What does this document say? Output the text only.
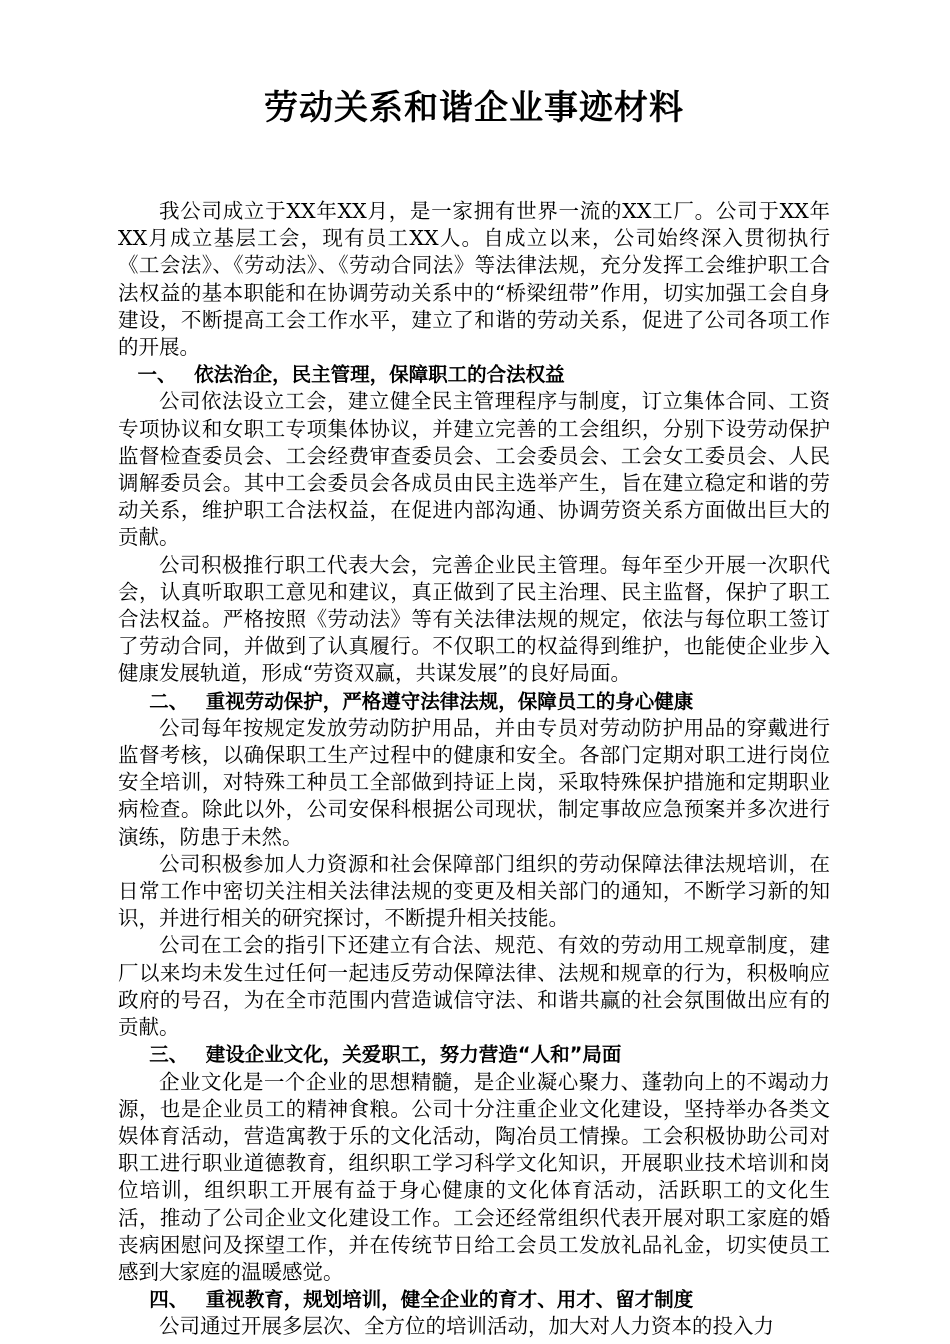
劳动关系和谐企业事迹材料

我公司成立于XX年XX月，是一家拥有世界一流的XX工厂。公司于XX年XX月成立基层工会，现有员工XX人。自成立以来，公司始终深入贯彻执行《工会法》、《劳动法》、《劳动合同法》等法律法规，充分发挥工会维护职工合法权益的基本职能和在协调劳动关系中的“桥梁纽带”作用，切实加强工会自身建设，不断提高工会工作水平，建立了和谐的劳动关系，促进了公司各项工作的开展。

一、 依法治企，民主管理，保障职工的合法权益

公司依法设立工会，建立健全民主管理程序与制度，订立集体合同、工资专项协议和女职工专项集体协议，并建立完善的工会组织，分别下设劳动保护监督检查委员会、工会经费审查委员会、工会委员会、工会女工委员会、人民调解委员会。其中工会委员会各成员由民主选举产生，旨在建立稳定和谐的劳动关系，维护职工合法权益，在促进内部沟通、协调劳资关系方面做出巨大的贡献。

公司积极推行职工代表大会，完善企业民主管理。每年至少开展一次职代会，认真听取职工意见和建议，真正做到了民主治理、民主监督，保护了职工合法权益。严格按照《劳动法》等有关法律法规的规定，依法与每位职工签订了劳动合同，并做到了认真履行。不仅职工的权益得到维护，也能使企业步入健康发展轨道，形成“劳资双赢，共谋发展”的良好局面。

二、 重视劳动保护，严格遵守法律法规，保障员工的身心健康

公司每年按规定发放劳动防护用品，并由专员对劳动防护用品的穿戴进行监督考核，以确保职工生产过程中的健康和安全。各部门定期对职工进行岗位安全培训，对特殊工种员工全部做到持证上岗，采取特殊保护措施和定期职业病检查。除此以外，公司安保科根据公司现状，制定事故应急预案并多次进行演练，防患于未然。

公司积极参加人力资源和社会保障部门组织的劳动保障法律法规培训，在日常工作中密切关注相关法律法规的变更及相关部门的通知，不断学习新的知识，并进行相关的研究探讨，不断提升相关技能。

公司在工会的指引下还建立有合法、规范、有效的劳动用工规章制度，建厂以来均未发生过任何一起违反劳动保障法律、法规和规章的行为，积极响应政府的号召，为在全市范围内营造诚信守法、和谐共赢的社会氛围做出应有的贡献。

三、 建设企业文化，关爱职工，努力营造“人和”局面

企业文化是一个企业的思想精髓，是企业凝心聚力、蓬勃向上的不竭动力源，也是企业员工的精神食粮。公司十分注重企业文化建设，坚持举办各类文娱体育活动，营造寓教于乐的文化活动，陶冶员工情操。工会积极协助公司对职工进行职业道德教育，组织职工学习科学文化知识，开展职业技术培训和岗位培训，组织职工开展有益于身心健康的文化体育活动，活跃职工的文化生活，推动了公司企业文化建设工作。工会还经常组织代表开展对职工家庭的婚丧病困慰问及探望工作，并在传统节日给工会员工发放礼品礼金，切实使员工感到大家庭的温暖感觉。

四、 重视教育，规划培训，健全企业的育才、用才、留才制度

公司通过开展多层次、全方位的培训活动，加大对人力资本的投入力
